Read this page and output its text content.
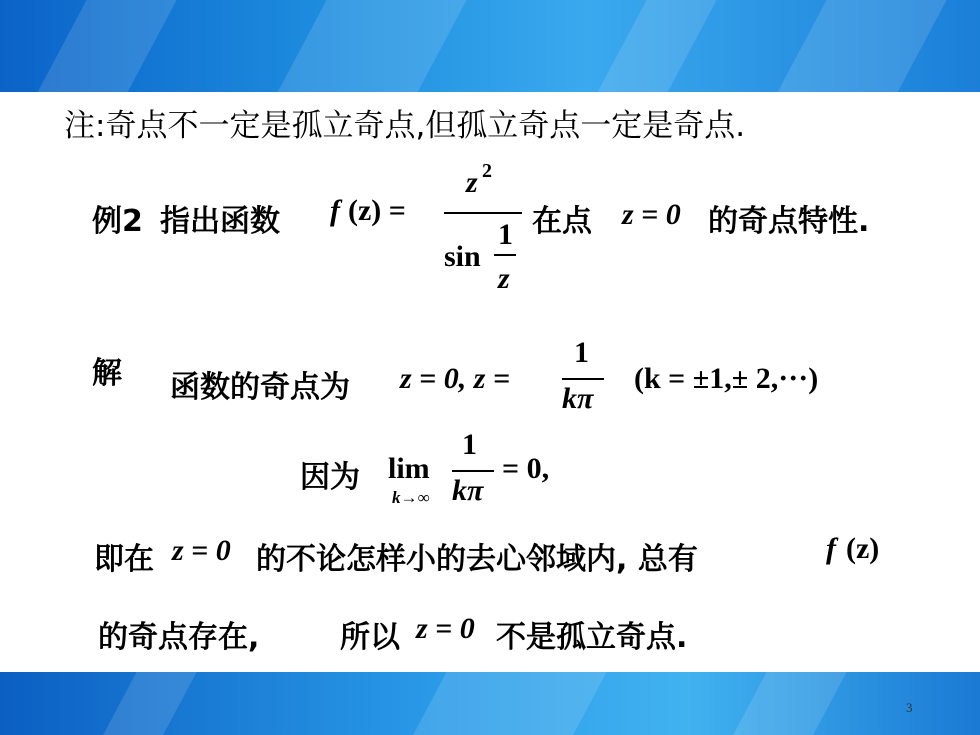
注:奇点不一定是孤立奇点,但孤立奇点一定是奇点.
例2 指出函数 f (z) =
z 2
sin
1
z
在点 z = 0 的奇点特性.
解 函数的奇点为 z = 0, z =
1
kπ
(k = ±1,± 2,···)
因为 lim
k→∞
1
kπ
= 0,
即在 z = 0 的不论怎样小的去心邻域内, 总有	f (z)
的奇点存在,	所以 z = 0 不是孤立奇点.
3
